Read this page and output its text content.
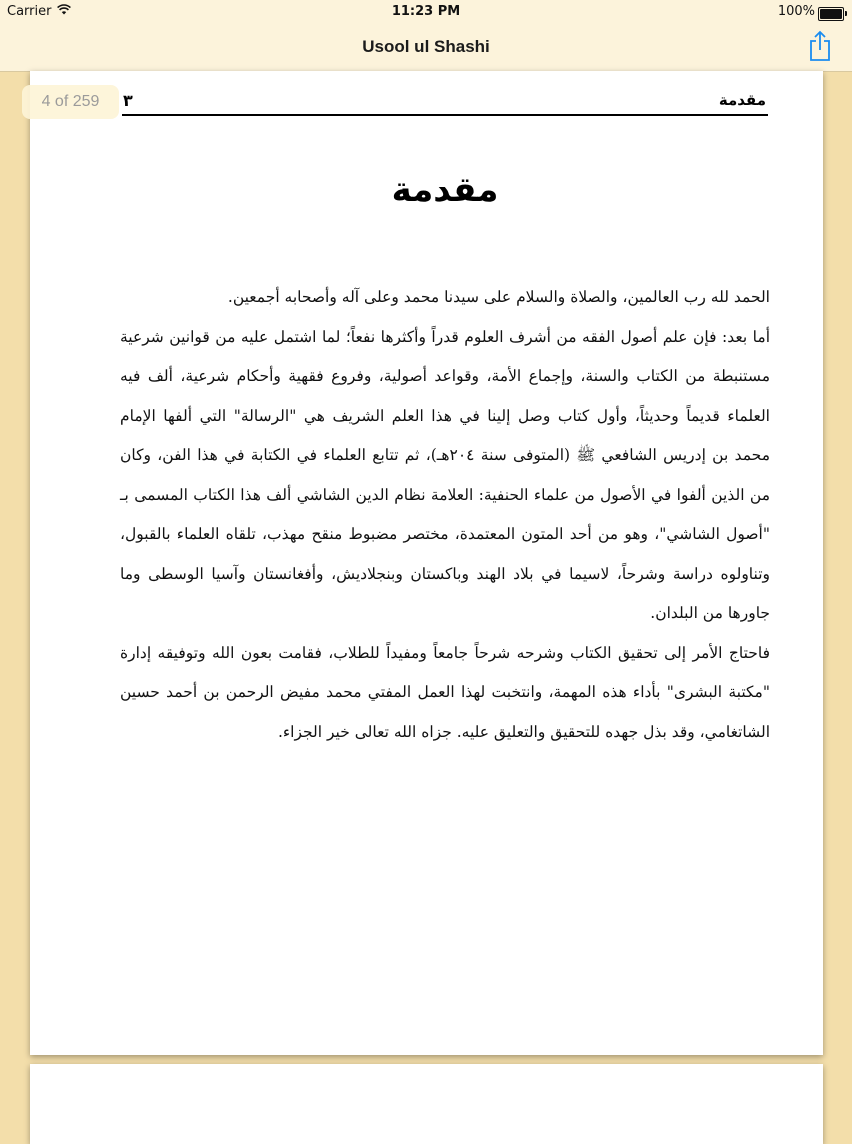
Carrier	11:23 PM	100%
Usool ul Shashi
4 of 259	مقدمة
٣
مقدمة

الحمد لله رب العالمين، والصلاة والسلام على سيدنا محمد وعلى آله وأصحابه أجمعين.

أما بعد: فإن علم أصول الفقه من أشرف العلوم قدراً وأكثرها نفعاً؛ لما اشتمل عليه من قوانين شرعية مستنبطة من الكتاب والسنة، وإجماع الأمة، وقواعد أصولية، وفروع فقهية وأحكام شرعية، ألف فيه العلماء قديماً وحديثاً، وأول كتاب وصل إلينا في هذا العلم الشريف هي "الرسالة" التي ألفها الإمام محمد بن إدريس الشافعي ﷺ (المتوفى سنة ٢٠٤هـ)، ثم تتابع العلماء في الكتابة في هذا الفن، وكان من الذين ألفوا في الأصول من علماء الحنفية: العلامة نظام الدين الشاشي ألف هذا الكتاب المسمى بـ "أصول الشاشي"، وهو من أحد المتون المعتمدة، مختصر مضبوط منقح مهذب، تلقاه العلماء بالقبول، وتناولوه دراسة وشرحاً، لاسيما في بلاد الهند وباكستان وبنجلاديش، وأفغانستان وآسيا الوسطى وما جاورها من البلدان.

فاحتاج الأمر إلى تحقيق الكتاب وشرحه شرحاً جامعاً ومفيداً للطلاب، فقامت بعون الله وتوفيقه إدارة "مكتبة البشرى" بأداء هذه المهمة، وانتخبت لهذا العمل المفتي محمد مفيض الرحمن بن أحمد حسين الشاتغامي، وقد بذل جهده للتحقيق والتعليق عليه. جزاه الله تعالى خير الجزاء.
